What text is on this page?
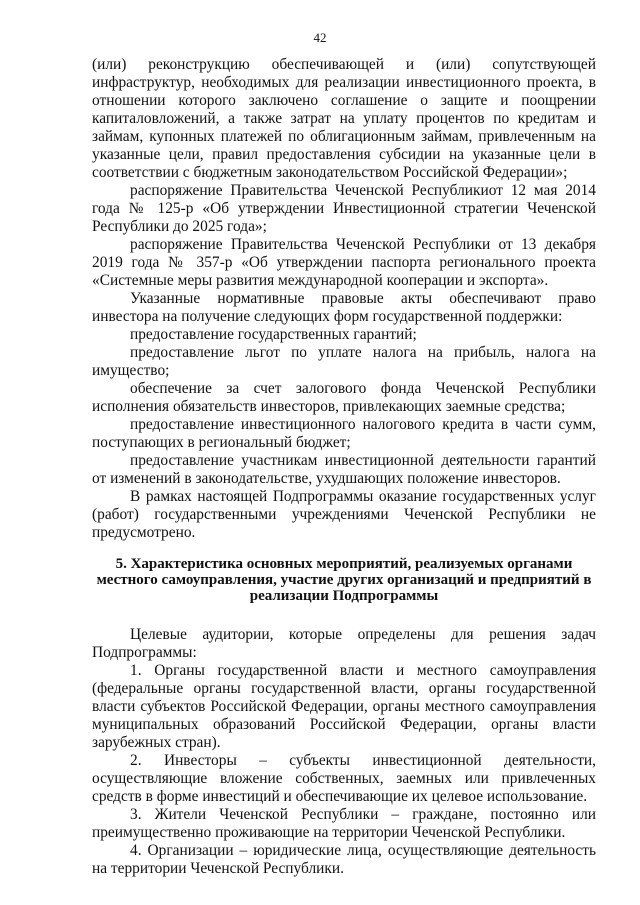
42

(или) реконструкцию обеспечивающей и (или) сопутствующей инфраструктур, необходимых для реализации инвестиционного проекта, в отношении которого заключено соглашение о защите и поощрении капиталовложений, а также затрат на уплату процентов по кредитам и займам, купонных платежей по облигационным займам, привлеченным на указанные цели, правил предоставления субсидии на указанные цели в соответствии с бюджетным законодательством Российской Федерации»;

распоряжение Правительства Чеченской Республикиот 12 мая 2014 года № 125-р «Об утверждении Инвестиционной стратегии Чеченской Республики до 2025 года»;

распоряжение Правительства Чеченской Республики от 13 декабря 2019 года № 357-р «Об утверждении паспорта регионального проекта «Системные меры развития международной кооперации и экспорта».

Указанные нормативные правовые акты обеспечивают право инвестора на получение следующих форм государственной поддержки:

предоставление государственных гарантий;

предоставление льгот по уплате налога на прибыль, налога на имущество;

обеспечение за счет залогового фонда Чеченской Республики исполнения обязательств инвесторов, привлекающих заемные средства;

предоставление инвестиционного налогового кредита в части сумм, поступающих в региональный бюджет;

предоставление участникам инвестиционной деятельности гарантий от изменений в законодательстве, ухудшающих положение инвесторов.

В рамках настоящей Подпрограммы оказание государственных услуг (работ) государственными учреждениями Чеченской Республики не предусмотрено.

5. Характеристика основных мероприятий, реализуемых органами
местного самоуправления, участие других организаций и предприятий в
реализации Подпрограммы

Целевые аудитории, которые определены для решения задач Подпрограммы:

1. Органы государственной власти и местного самоуправления (федеральные органы государственной власти, органы государственной власти субъектов Российской Федерации, органы местного самоуправления муниципальных образований Российской Федерации, органы власти зарубежных стран).

2. Инвесторы – субъекты инвестиционной деятельности, осуществляющие вложение собственных, заемных или привлеченных средств в форме инвестиций и обеспечивающие их целевое использование.

3. Жители Чеченской Республики – граждане, постоянно или преимущественно проживающие на территории Чеченской Республики.

4. Организации – юридические лица, осуществляющие деятельность на территории Чеченской Республики.
